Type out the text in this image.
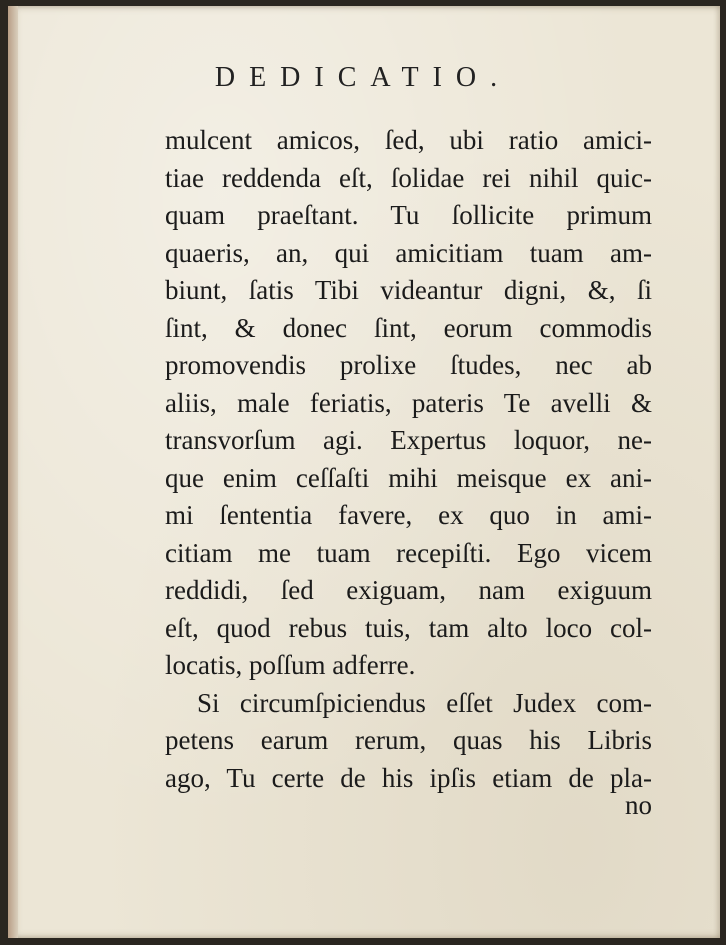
DEDICATIO.
mulcent amicos, ſed, ubi ratio amici-
tiae reddenda eſt, ſolidae rei nihil quic-
quam praeſtant. Tu ſollicite primum
quaeris, an, qui amicitiam tuam am-
biunt, ſatis Tibi videantur digni, &, ſi
ſint, & donec ſint, eorum commodis
promovendis prolixe ſtudes, nec ab
aliis, male feriatis, pateris Te avelli &
transvorſum agi. Expertus loquor, ne-
que enim ceſſaſti mihi meisque ex ani-
mi ſententia favere, ex quo in ami-
citiam me tuam recepiſti. Ego vicem
reddidi, ſed exiguam, nam exiguum
eſt, quod rebus tuis, tam alto loco col-
locatis, poſſum adferre.
Si circumſpiciendus eſſet Judex com-
petens earum rerum, quas his Libris
ago, Tu certe de his ipſis etiam de pla-
no
